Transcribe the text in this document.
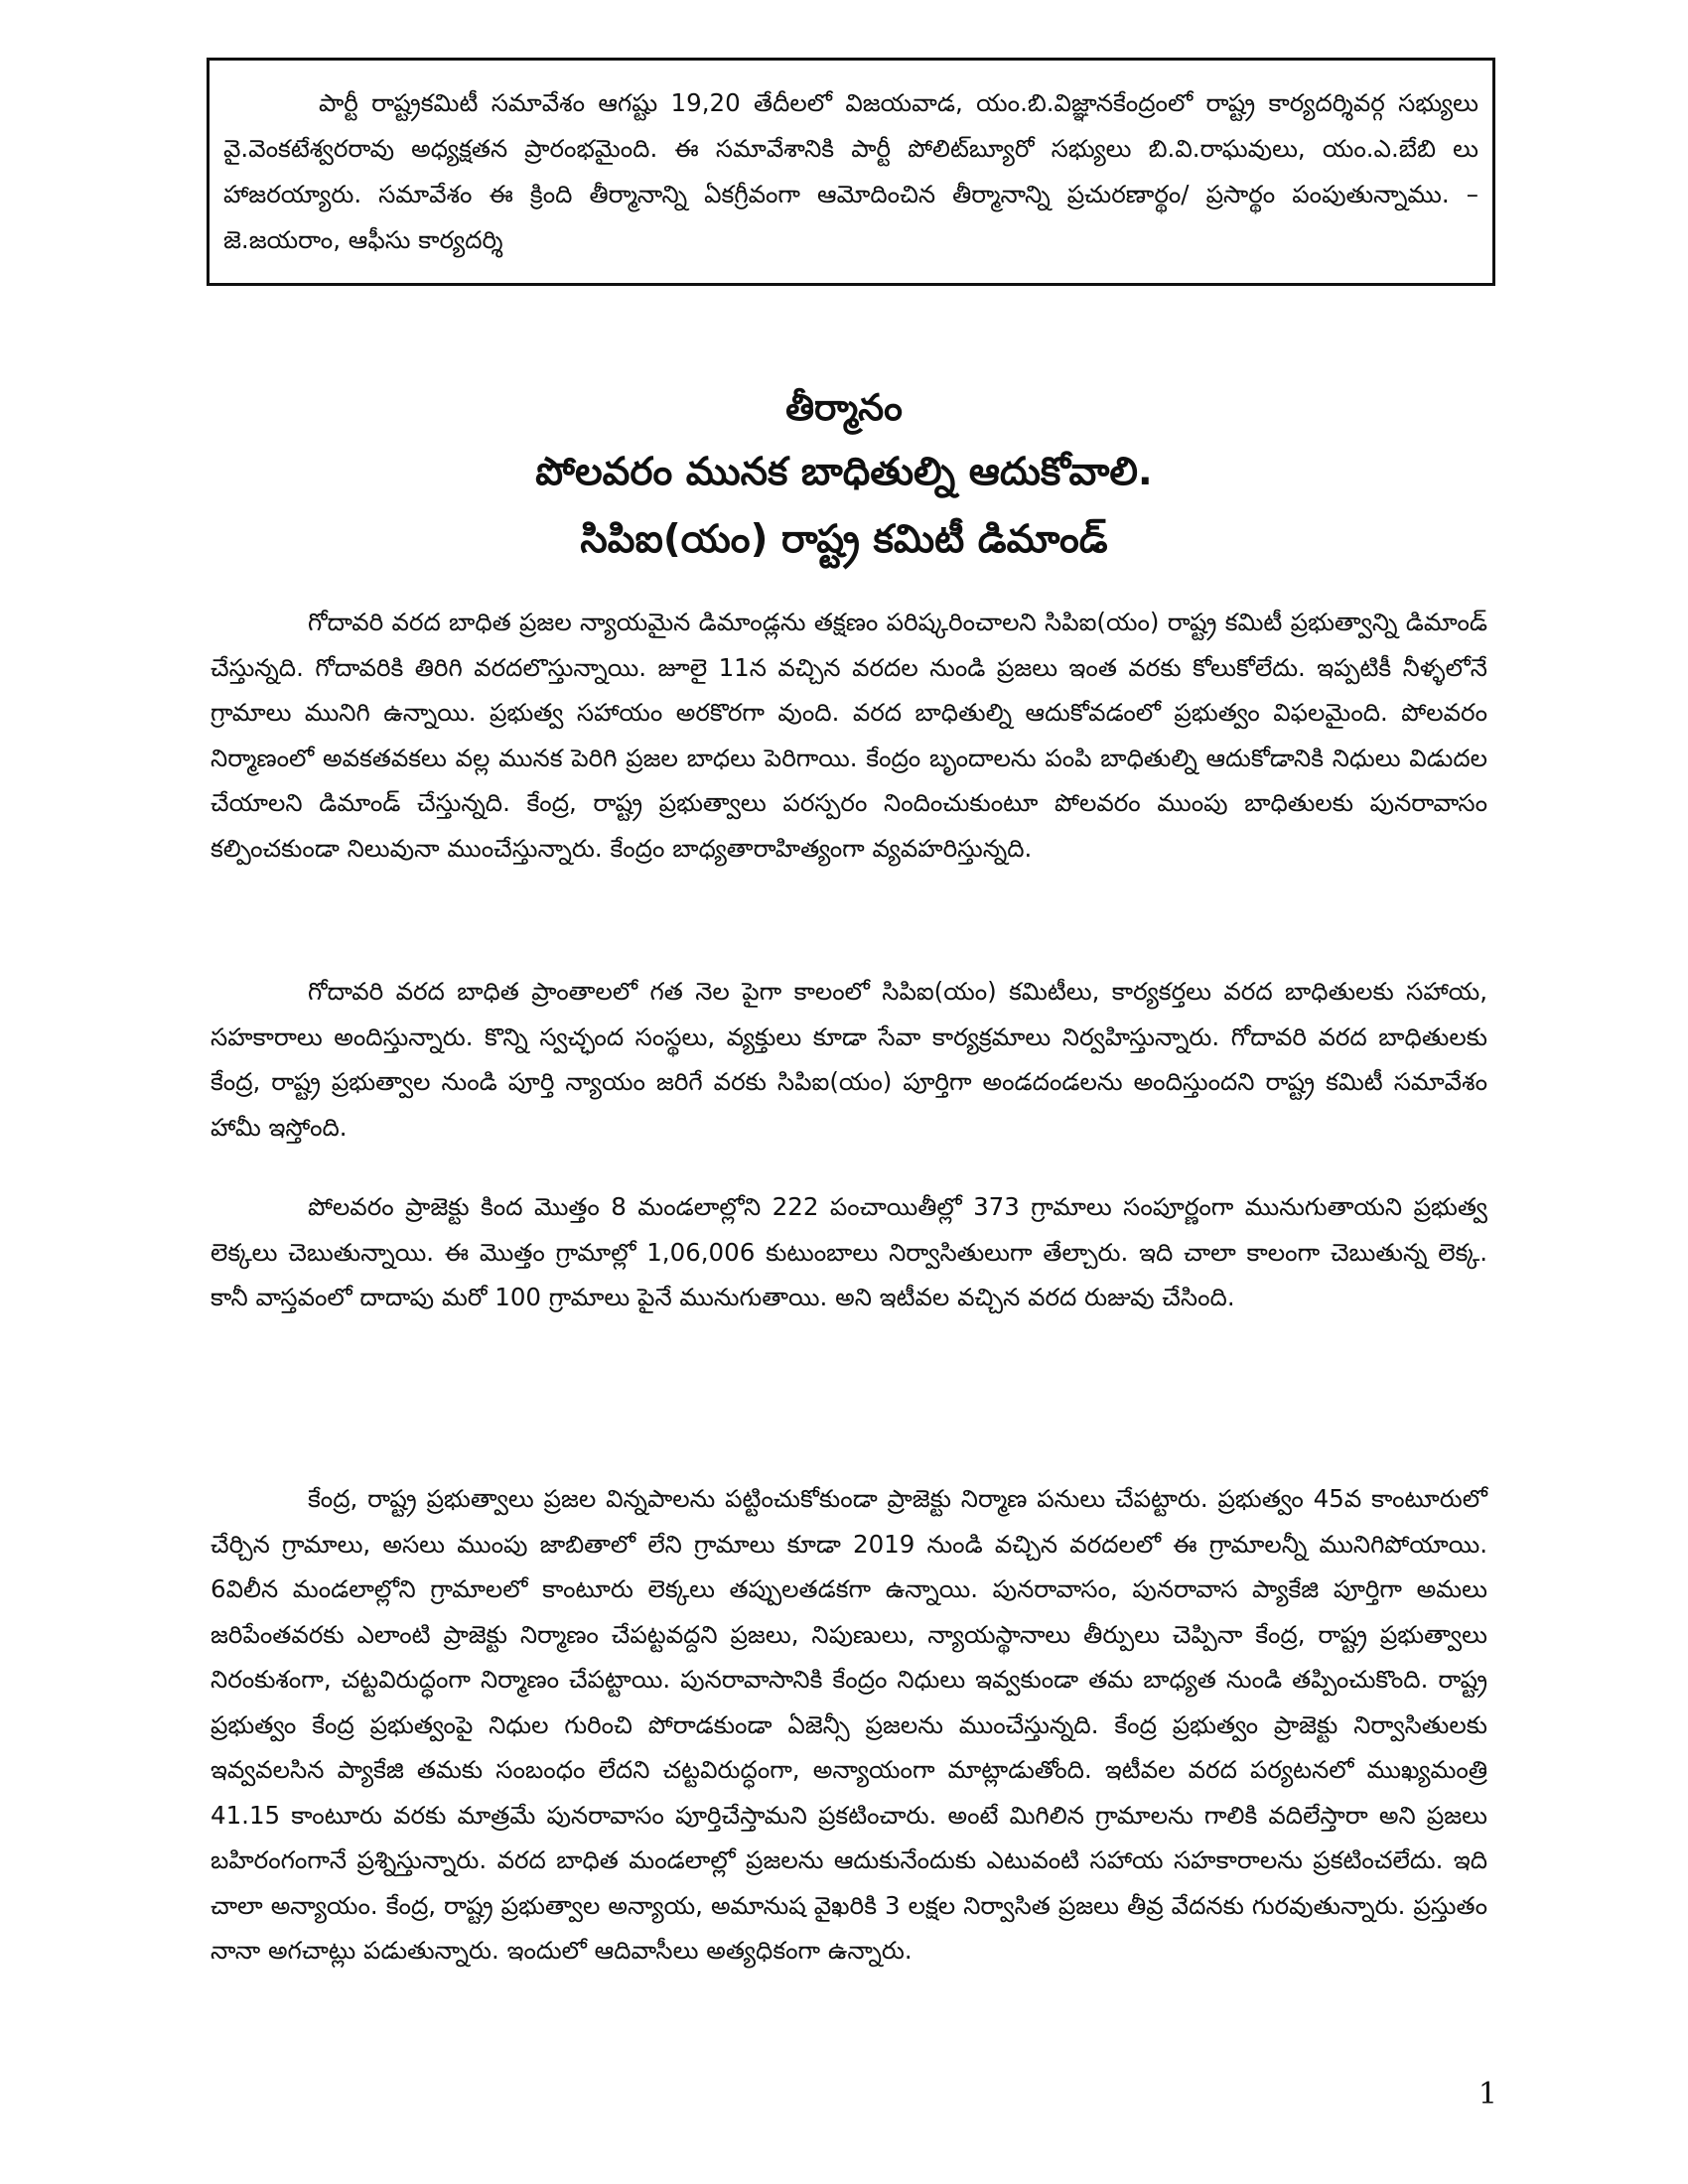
పార్టీ రాష్ట్రకమిటీ సమావేశం ఆగష్టు 19,20 తేదీలలో విజయవాడ, యం.బి.విజ్ఞానకేంద్రంలో రాష్ట్ర కార్యదర్శివర్గ సభ్యులు వై.వెంకటేశ్వరరావు అధ్యక్షతన ప్రారంభమైంది. ఈ సమావేశానికి పార్టీ పోలిట్‌బ్యూరో సభ్యులు బి.వి.రాఘవులు, యం.ఎ.బేబి లు హాజరయ్యారు. సమావేశం ఈ క్రింది తీర్మానాన్ని ఏకగ్రీవంగా ఆమోదించిన తీర్మానాన్ని ప్రచురణార్థం/ ప్రసార్థం పంపుతున్నాము. – జె.జయరాం, ఆఫీసు కార్యదర్శి

తీర్మానం
పోలవరం మునక బాధితుల్ని ఆదుకోవాలి.
సిపిఐ(యం) రాష్ట్ర కమిటీ డిమాండ్

గోదావరి వరద బాధిత ప్రజల న్యాయమైన డిమాండ్లను తక్షణం పరిష్కరించాలని సిపిఐ(యం) రాష్ట్ర కమిటీ ప్రభుత్వాన్ని డిమాండ్ చేస్తున్నది. గోదావరికి తిరిగి వరదలొస్తున్నాయి. జూలై 11న వచ్చిన వరదల నుండి ప్రజలు ఇంత వరకు కోలుకోలేదు. ఇప్పటికీ నీళ్ళలోనే గ్రామాలు మునిగి ఉన్నాయి. ప్రభుత్వ సహాయం అరకొరగా వుంది. వరద బాధితుల్ని ఆదుకోవడంలో ప్రభుత్వం విఫలమైంది. పోలవరం నిర్మాణంలో అవకతవకలు వల్ల మునక పెరిగి ప్రజల బాధలు పెరిగాయి. కేంద్రం బృందాలను పంపి బాధితుల్ని ఆదుకోడానికి నిధులు విడుదల చేయాలని డిమాండ్ చేస్తున్నది. కేంద్ర, రాష్ట్ర ప్రభుత్వాలు పరస్పరం నిందించుకుంటూ పోలవరం ముంపు బాధితులకు పునరావాసం కల్పించకుండా నిలువునా ముంచేస్తున్నారు. కేంద్రం బాధ్యతారాహిత్యంగా వ్యవహరిస్తున్నది.

గోదావరి వరద బాధిత ప్రాంతాలలో గత నెల పైగా కాలంలో సిపిఐ(యం) కమిటీలు, కార్యకర్తలు వరద బాధితులకు సహాయ, సహకారాలు అందిస్తున్నారు. కొన్ని స్వచ్ఛంద సంస్థలు, వ్యక్తులు కూడా సేవా కార్యక్రమాలు నిర్వహిస్తున్నారు. గోదావరి వరద బాధితులకు కేంద్ర, రాష్ట్ర ప్రభుత్వాల నుండి పూర్తి న్యాయం జరిగే వరకు సిపిఐ(యం) పూర్తిగా అండదండలను అందిస్తుందని రాష్ట్ర కమిటీ సమావేశం హామీ ఇస్తోంది.

పోలవరం ప్రాజెక్టు కింద మొత్తం 8 మండలాల్లోని 222 పంచాయితీల్లో 373 గ్రామాలు సంపూర్ణంగా మునుగుతాయని ప్రభుత్వ లెక్కలు చెబుతున్నాయి. ఈ మొత్తం గ్రామాల్లో 1,06,006 కుటుంబాలు నిర్వాసితులుగా తేల్చారు. ఇది చాలా కాలంగా చెబుతున్న లెక్క. కానీ వాస్తవంలో దాదాపు మరో 100 గ్రామాలు పైనే మునుగుతాయి. అని ఇటీవల వచ్చిన వరద రుజువు చేసింది.

కేంద్ర, రాష్ట్ర ప్రభుత్వాలు ప్రజల విన్నపాలను పట్టించుకోకుండా ప్రాజెక్టు నిర్మాణ పనులు చేపట్టారు. ప్రభుత్వం 45వ కాంటూరులో చేర్చిన గ్రామాలు, అసలు ముంపు జాబితాలో లేని గ్రామాలు కూడా 2019 నుండి వచ్చిన వరదలలో ఈ గ్రామాలన్నీ మునిగిపోయాయి. 6విలీన మండలాల్లోని గ్రామాలలో కాంటూరు లెక్కలు తప్పులతడకగా ఉన్నాయి. పునరావాసం, పునరావాస ప్యాకేజి పూర్తిగా అమలు జరిపేంతవరకు ఎలాంటి ప్రాజెక్టు నిర్మాణం చేపట్టవద్దని ప్రజలు, నిపుణులు, న్యాయస్థానాలు తీర్పులు చెప్పినా కేంద్ర, రాష్ట్ర ప్రభుత్వాలు నిరంకుశంగా, చట్టవిరుద్ధంగా నిర్మాణం చేపట్టాయి. పునరావాసానికి కేంద్రం నిధులు ఇవ్వకుండా తమ బాధ్యత నుండి తప్పించుకొంది. రాష్ట్ర ప్రభుత్వం కేంద్ర ప్రభుత్వంపై నిధుల గురించి పోరాడకుండా ఏజెన్సీ ప్రజలను ముంచేస్తున్నది. కేంద్ర ప్రభుత్వం ప్రాజెక్టు నిర్వాసితులకు ఇవ్వవలసిన ప్యాకేజి తమకు సంబంధం లేదని చట్టవిరుద్ధంగా, అన్యాయంగా మాట్లాడుతోంది. ఇటీవల వరద పర్యటనలో ముఖ్యమంత్రి 41.15 కాంటూరు వరకు మాత్రమే పునరావాసం పూర్తిచేస్తామని ప్రకటించారు. అంటే మిగిలిన గ్రామాలను గాలికి వదిలేస్తారా అని ప్రజలు బహిరంగంగానే ప్రశ్నిస్తున్నారు. వరద బాధిత మండలాల్లో ప్రజలను ఆదుకునేందుకు ఎటువంటి సహాయ సహకారాలను ప్రకటించలేదు. ఇది చాలా అన్యాయం. కేంద్ర, రాష్ట్ర ప్రభుత్వాల అన్యాయ, అమానుష వైఖరికి 3 లక్షల నిర్వాసిత ప్రజలు తీవ్ర వేదనకు గురవుతున్నారు. ప్రస్తుతం నానా అగచాట్లు పడుతున్నారు. ఇందులో ఆదివాసీలు అత్యధికంగా ఉన్నారు.

1
